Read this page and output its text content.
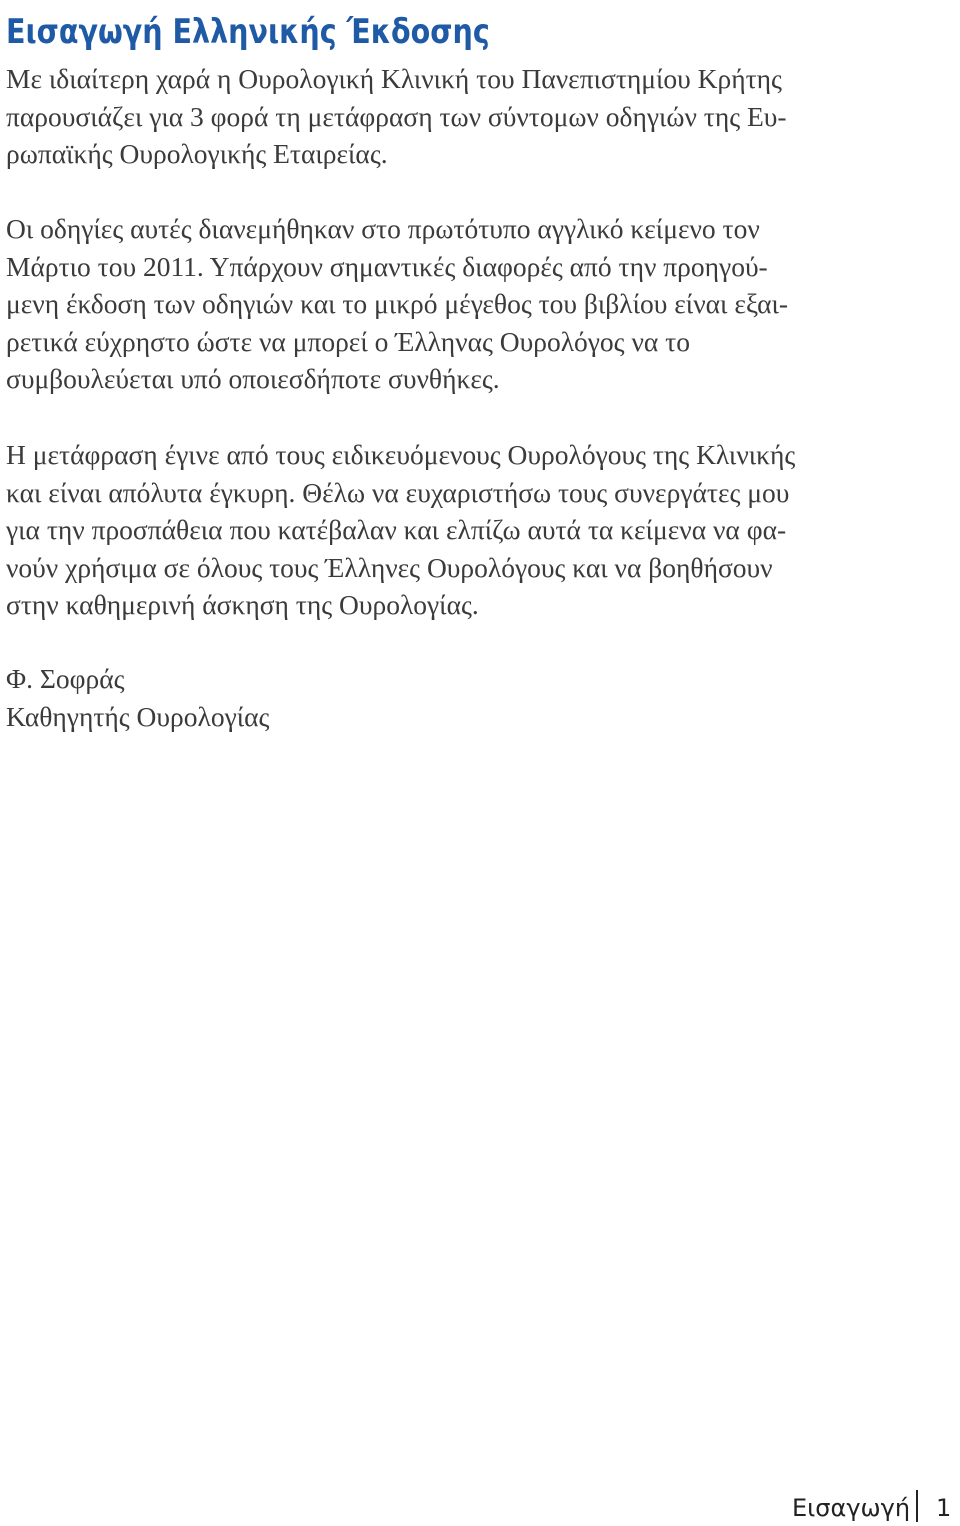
Εισαγωγή Ελληνικής Έκδοσης

Με ιδιαίτερη χαρά η Ουρολογική Κλινική του Πανεπιστημίου Κρήτης
παρουσιάζει για 3 φορά τη μετάφραση των σύντομων οδηγιών της Ευ-
ρωπαϊκής Ουρολογικής Εταιρείας.

Οι οδηγίες αυτές διανεμήθηκαν στο πρωτότυπο αγγλικό κείμενο τον
Μάρτιο του 2011. Υπάρχουν σημαντικές διαφορές από την προηγού-
μενη έκδοση των οδηγιών και το μικρό μέγεθος του βιβλίου είναι εξαι-
ρετικά εύχρηστο ώστε να μπορεί ο Έλληνας Ουρολόγος να το
συμβουλεύεται υπό οποιεσδήποτε συνθήκες.

Η μετάφραση έγινε από τους ειδικευόμενους Ουρολόγους της Κλινικής
και είναι απόλυτα έγκυρη. Θέλω να ευχαριστήσω τους συνεργάτες μου
για την προσπάθεια που κατέβαλαν και ελπίζω αυτά τα κείμενα να φα-
νούν χρήσιμα σε όλους τους Έλληνες Ουρολόγους και να βοηθήσουν
στην καθημερινή άσκηση της Ουρολογίας.

Φ. Σοφράς
Καθηγητής Ουρολογίας

Εισαγωγή 1
